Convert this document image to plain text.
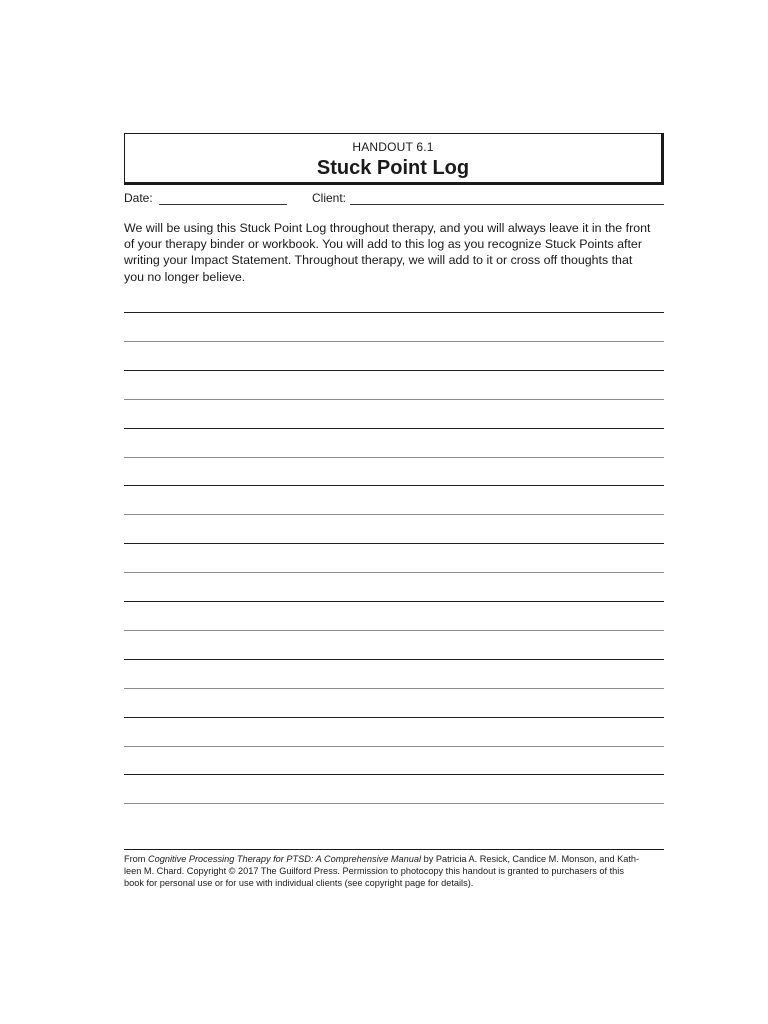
HANDOUT 6.1
Stuck Point Log
Date:	Client:
We will be using this Stuck Point Log throughout therapy, and you will always leave it in the front
of your therapy binder or workbook. You will add to this log as you recognize Stuck Points after
writing your Impact Statement. Throughout therapy, we will add to it or cross off thoughts that
you no longer believe.
From Cognitive Processing Therapy for PTSD: A Comprehensive Manual by Patricia A. Resick, Candice M. Monson, and Kath-
leen M. Chard. Copyright © 2017 The Guilford Press. Permission to photocopy this handout is granted to purchasers of this
book for personal use or for use with individual clients (see copyright page for details).
